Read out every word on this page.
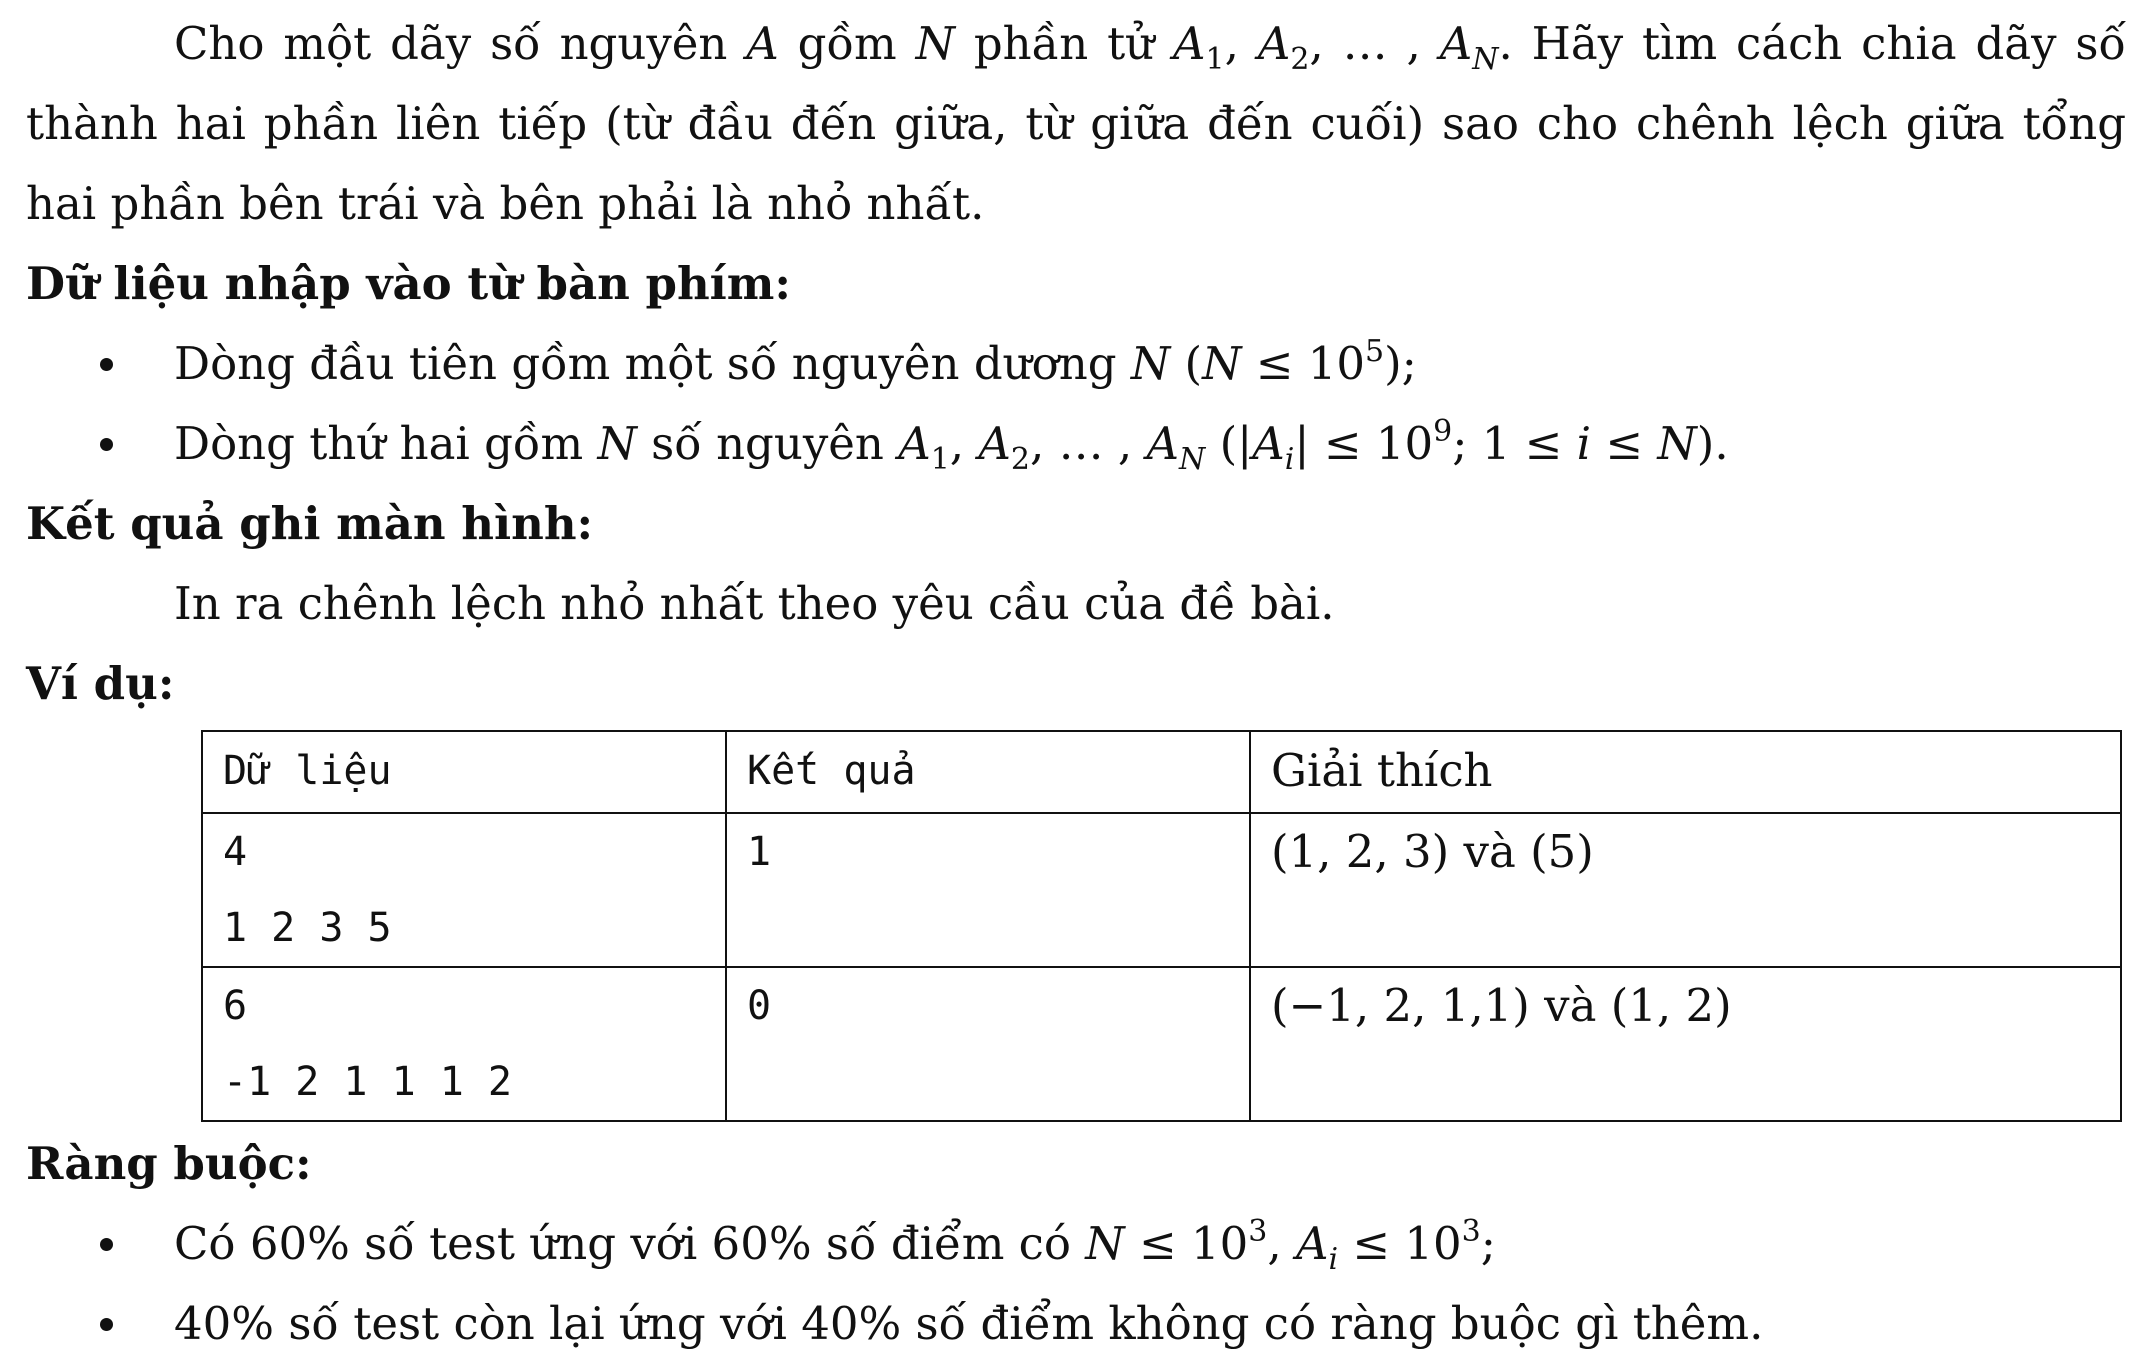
Cho một dãy số nguyên A gồm N phần tử $A_1$, $A_2$, … , $A_N$. Hãy tìm cách chia dãy số thành hai phần liên tiếp (từ đầu đến giữa, từ giữa đến cuối) sao cho chênh lệch giữa tổng hai phần bên trái và bên phải là nhỏ nhất.

Dữ liệu nhập vào từ bàn phím:

Dòng đầu tiên gồm một số nguyên dương N $(N \le 10^5)$;
Dòng thứ hai gồm N số nguyên $A_1$, $A_2$, … , $A_N$ ($|A_i| \le 10^9$; 1 ≤ i ≤ N).

Kết quả ghi màn hình:

In ra chênh lệch nhỏ nhất theo yêu cầu của đề bài.

Ví dụ:

Dữ liệu	Kết quả	Giải thích

4
1 2 3 5	1	(1, 2, 3) và (5)

6
-1 2 1 1 1 2	0	(−1, 2, 1,1) và (1, 2)

Ràng buộc:

Có 60% số test ứng với 60% số điểm có $N \le 10^3$, $A_i \le 10^3$;
40% số test còn lại ứng với 40% số điểm không có ràng buộc gì thêm.
